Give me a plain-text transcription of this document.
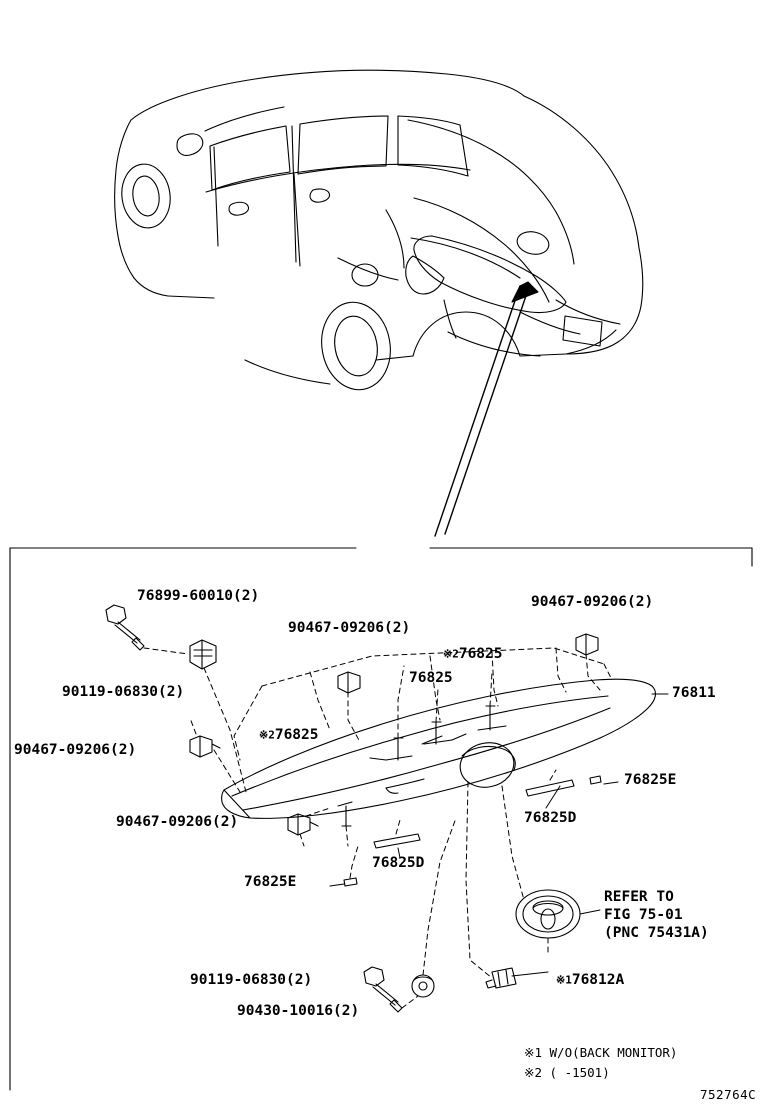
76899-60010(2)
90119-06830(2)
90467-09206(2)
90467-09206(2)
※276825
76825
※276825
76811
90467-09206(2)
90467-09206(2)
76825E
76825D
76825D
76825E
90119-06830(2)
90430-10016(2)
※176812A
REFER TO
FIG 75-01
(PNC 75431A)
※1 W/O(BACK MONITOR)
※2 ( -1501)
752764C
